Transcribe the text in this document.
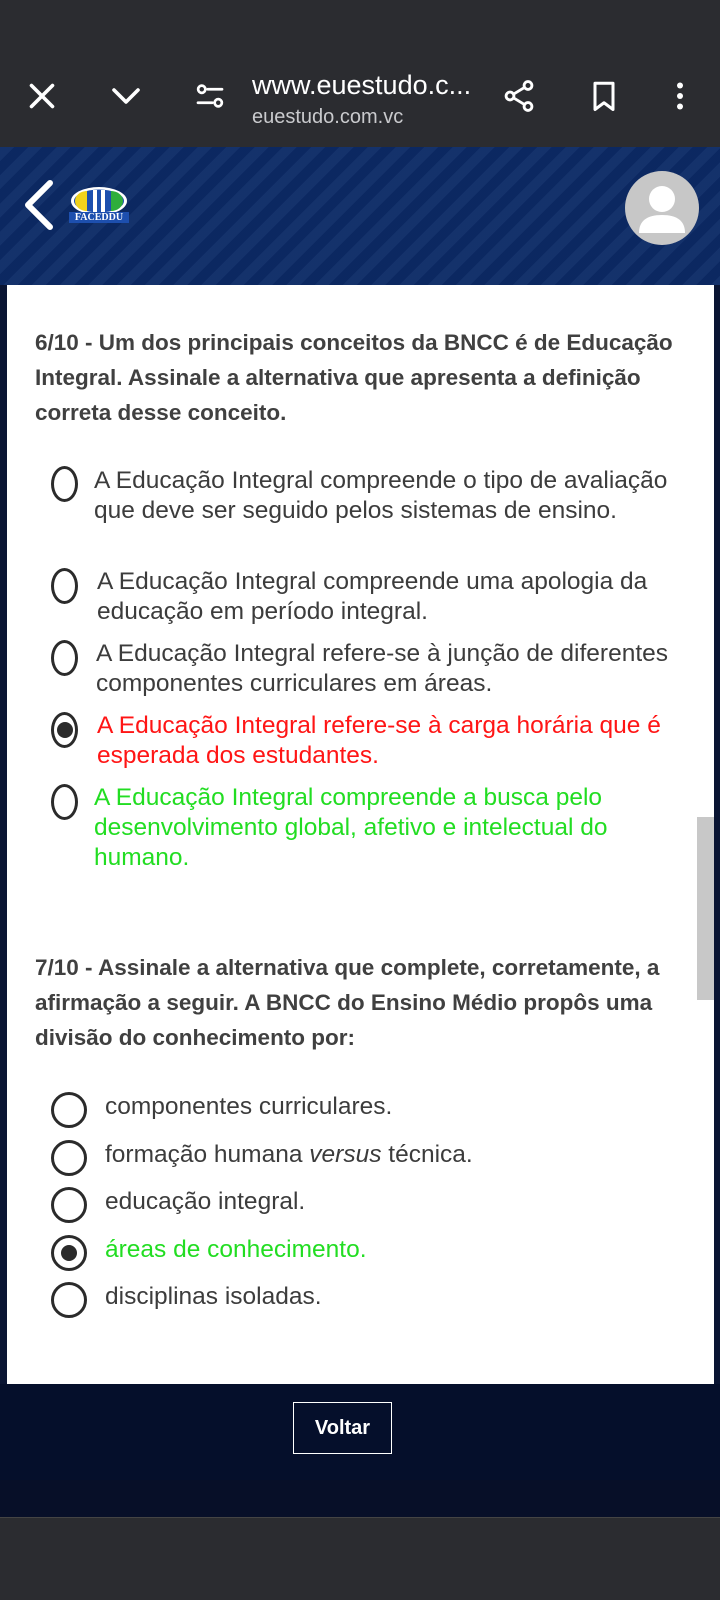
www.euestudo.c...
euestudo.com.vc
FACEDDU
6/10 - Um dos principais conceitos da BNCC é de Educação Integral. Assinale a alternativa que apresenta a definição correta desse conceito.
A Educação Integral compreende o tipo de avaliação que deve ser seguido pelos sistemas de ensino.
A Educação Integral compreende uma apologia da educação em período integral.
A Educação Integral refere-se à junção de diferentes componentes curriculares em áreas.
A Educação Integral refere-se à carga horária que é esperada dos estudantes.
A Educação Integral compreende a busca pelo desenvolvimento global, afetivo e intelectual do humano.
7/10 - Assinale a alternativa que complete, corretamente, a afirmação a seguir. A BNCC do Ensino Médio propôs uma divisão do conhecimento por:
componentes curriculares.
formação humana versus técnica.
educação integral.
áreas de conhecimento.
disciplinas isoladas.
Voltar
